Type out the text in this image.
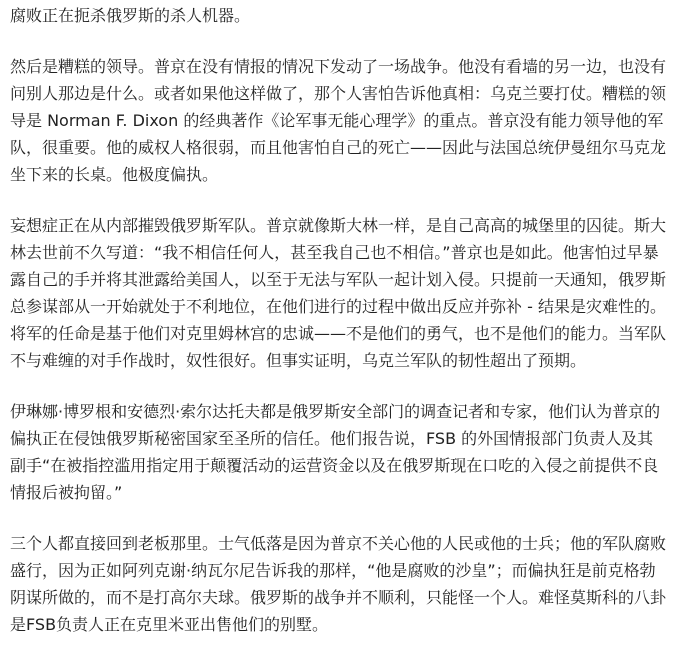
腐败正在扼杀俄罗斯的杀人机器。

然后是糟糕的领导。普京在没有情报的情况下发动了一场战争。他没有看墙的另一边，也没有问别人那边是什么。或者如果他这样做了，那个人害怕告诉他真相：乌克兰要打仗。糟糕的领导是 Norman F. Dixon 的经典著作《论军事无能心理学》的重点。普京没有能力领导他的军队，很重要。他的威权人格很弱，而且他害怕自己的死亡——因此与法国总统伊曼纽尔马克龙坐下来的长桌。他极度偏执。

妄想症正在从内部摧毁俄罗斯军队。普京就像斯大林一样，是自己高高的城堡里的囚徒。斯大林去世前不久写道：“我不相信任何人，甚至我自己也不相信。”普京也是如此。他害怕过早暴露自己的手并将其泄露给美国人，以至于无法与军队一起计划入侵。只提前一天通知，俄罗斯总参谋部从一开始就处于不利地位，在他们进行的过程中做出反应并弥补 - 结果是灾难性的。将军的任命是基于他们对克里姆林宫的忠诚——不是他们的勇气，也不是他们的能力。当军队不与难缠的对手作战时，奴性很好。但事实证明，乌克兰军队的韧性超出了预期。

伊琳娜·博罗根和安德烈·索尔达托夫都是俄罗斯安全部门的调查记者和专家，他们认为普京的偏执正在侵蚀俄罗斯秘密国家至圣所的信任。他们报告说，FSB 的外国情报部门负责人及其副手“在被指控滥用指定用于颠覆活动的运营资金以及在俄罗斯现在口吃的入侵之前提供不良情报后被拘留。”

三个人都直接回到老板那里。士气低落是因为普京不关心他的人民或他的士兵；他的军队腐败盛行，因为正如阿列克谢·纳瓦尔尼告诉我的那样，“他是腐败的沙皇”；而偏执狂是前克格勃阴谋所做的，而不是打高尔夫球。俄罗斯的战争并不顺利，只能怪一个人。难怪莫斯科的八卦是FSB负责人正在克里米亚出售他们的别墅。
